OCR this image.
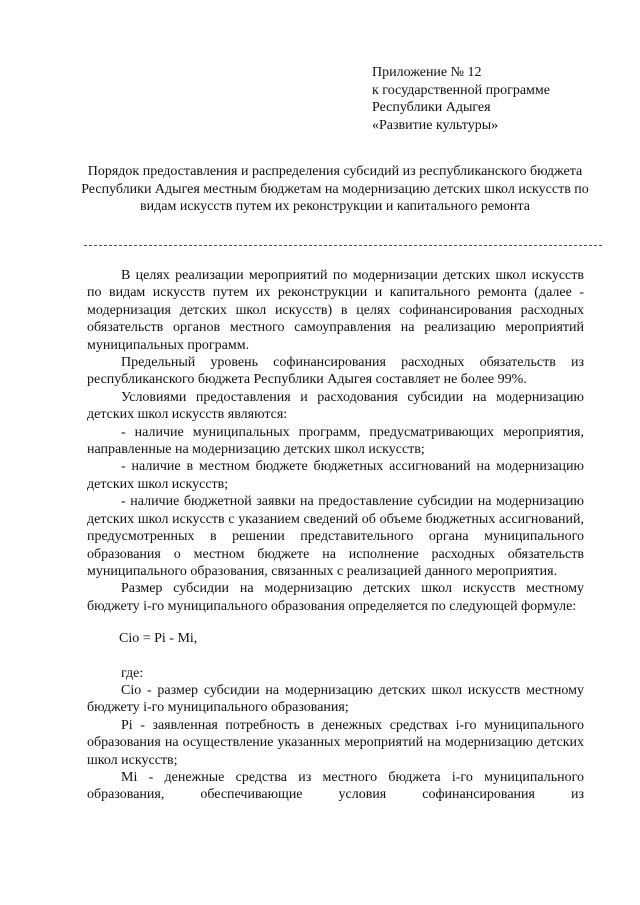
Приложение № 12
к государственной программе
Республики Адыгея
«Развитие культуры»
Порядок предоставления и распределения субсидий из республиканского бюджета Республики Адыгея местным бюджетам на модернизацию детских школ искусств по видам искусств путем их реконструкции и капитального ремонта

В целях реализации мероприятий по модернизации детских школ искусств по видам искусств путем их реконструкции и капитального ремонта (далее - модернизация детских школ искусств) в целях софинансирования расходных обязательств органов местного самоуправления на реализацию мероприятий муниципальных программ.

Предельный уровень софинансирования расходных обязательств из республиканского бюджета Республики Адыгея составляет не более 99%.

Условиями предоставления и расходования субсидии на модернизацию детских школ искусств являются:

- наличие муниципальных программ, предусматривающих мероприятия, направленные на модернизацию детских школ искусств;

- наличие в местном бюджете бюджетных ассигнований на модернизацию детских школ искусств;

- наличие бюджетной заявки на предоставление субсидии на модернизацию детских школ искусств с указанием сведений об объеме бюджетных ассигнований, предусмотренных в решении представительного органа муниципального образования о местном бюджете на исполнение расходных обязательств муниципального образования, связанных с реализацией данного мероприятия.

Размер субсидии на модернизацию детских школ искусств местному бюджету i-го муниципального образования определяется по следующей формуле:

Сіо = Рі - Мі,

где:

Сіо - размер субсидии на модернизацию детских школ искусств местному бюджету i-го муниципального образования;

Рі - заявленная потребность в денежных средствах i-го муниципального образования на осуществление указанных мероприятий на модернизацию детских школ искусств;

Мі - денежные средства из местного бюджета i-го муниципального образования, обеспечивающие условия софинансирования из
